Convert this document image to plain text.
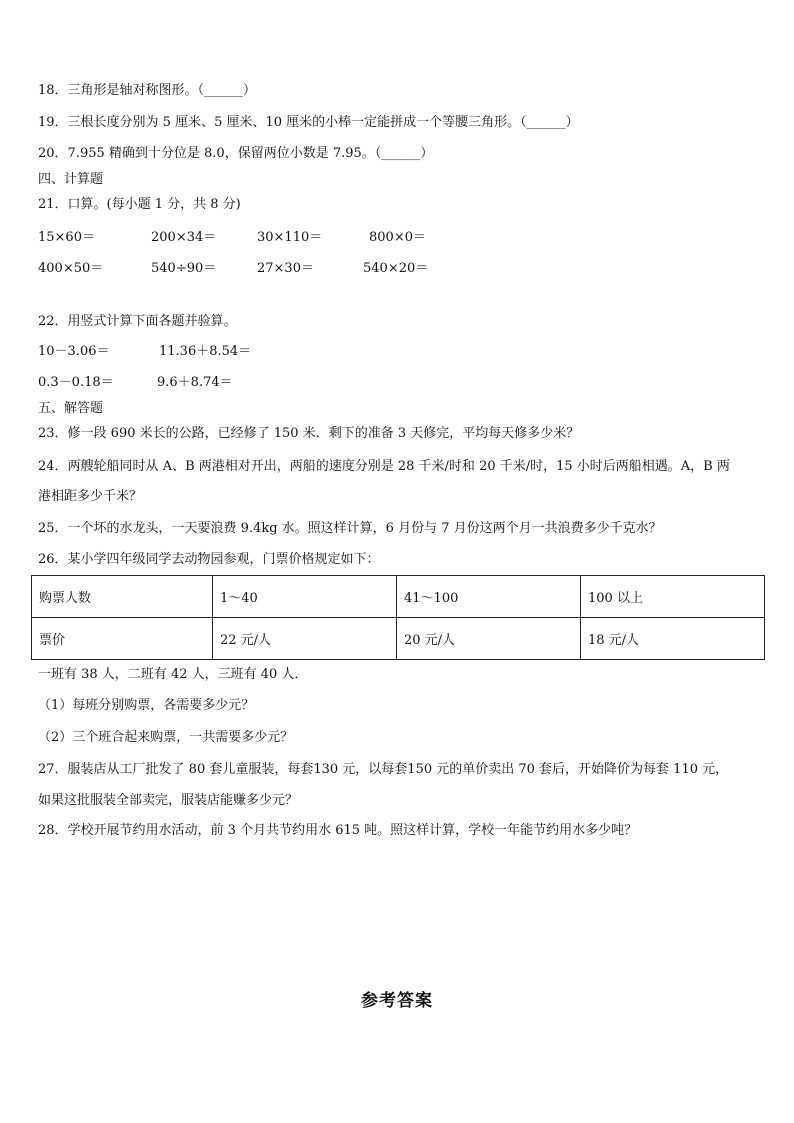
18．三角形是轴对称图形。（______）
19．三根长度分别为 5 厘米、5 厘米、10 厘米的小棒一定能拼成一个等腰三角形。（______）
20．7.955 精确到十分位是 8.0，保留两位小数是 7.95。（______）
四、计算题
21．口算。(每小题 1 分，共 8 分)
15×60＝	200×34＝	30×110＝	800×0＝
400×50＝	540÷90＝	27×30＝	540×20＝
22．用竖式计算下面各题并验算。
10－3.06＝	11.36＋8.54＝
0.3－0.18＝	9.6＋8.74＝
五、解答题
23．修一段 690 米长的公路，已经修了 150 米．剩下的准备 3 天修完，平均每天修多少米？
24．两艘轮船同时从 A、B 两港相对开出，两船的速度分别是 28 千米/时和 20 千米/时，15 小时后两船相遇。A，B 两
港相距多少千米？
25．一个坏的水龙头，一天要浪费 9.4kg 水。照这样计算，6 月份与 7 月份这两个月一共浪费多少千克水？
26．某小学四年级同学去动物园参观，门票价格规定如下：
购票人数	1～40	41～100	100 以上
票价	22 元/人	20 元/人	18 元/人
一班有 38 人，二班有 42 人，三班有 40 人．
（1）每班分别购票，各需要多少元？
（2）三个班合起来购票，一共需要多少元？
27．服装店从工厂批发了 80 套儿童服装，每套130 元，以每套150 元的单价卖出 70 套后，开始降价为每套 110 元，
如果这批服装全部卖完，服装店能赚多少元？
28．学校开展节约用水活动，前 3 个月共节约用水 615 吨。照这样计算，学校一年能节约用水多少吨？
参考答案
